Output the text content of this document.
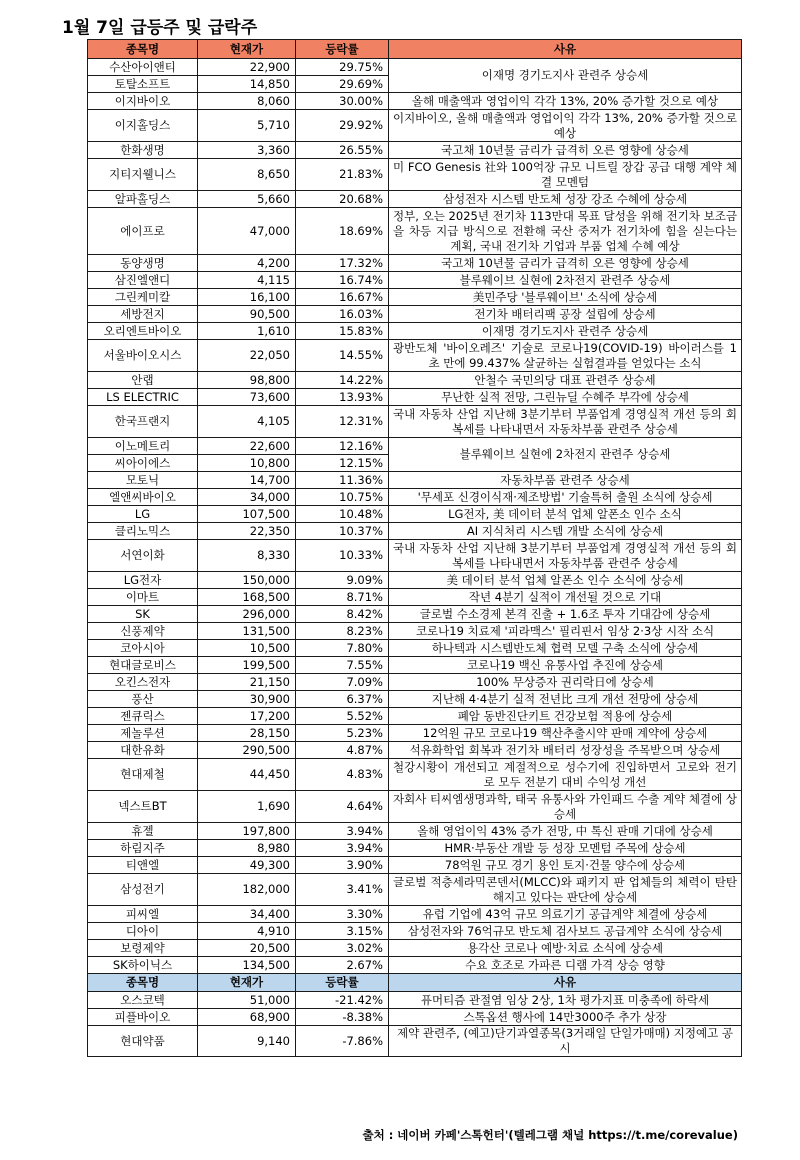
1월 7일 급등주 및 급락주
종목명	현재가	등락률	사유
수산아이앤티	22,900	29.75%	이재명 경기도지사 관련주 상승세
토탈소프트	14,850	29.69%	
이지바이오	8,060	30.00%	올해 매출액과 영업이익 각각 13%, 20% 증가할 것으로 예상
이지홀딩스	5,710	29.92%	이지바이오, 올해 매출액과 영업이익 각각 13%, 20% 증가할 것으로 예상
한화생명	3,360	26.55%	국고채 10년물 금리가 급격히 오른 영향에 상승세
지티지웰니스	8,650	21.83%	미 FCO Genesis 社와 100억장 규모 니트릴 장갑 공급 대행 계약 체결 모멘텀
알파홀딩스	5,660	20.68%	삼성전자 시스템 반도체 성장 강조 수혜에 상승세
에이프로	47,000	18.69%	정부, 오는 2025년 전기차 113만대 목표 달성을 위해 전기차 보조금을 차등 지급 방식으로 전환해 국산 중저가 전기차에 힘을 싣는다는 계획, 국내 전기차 기업과 부품 업체 수혜 예상
동양생명	4,200	17.32%	국고채 10년물 금리가 급격히 오른 영향에 상승세
삼진엘앤디	4,115	16.74%	블루웨이브 실현에 2차전지 관련주 상승세
그린케미칼	16,100	16.67%	美민주당 '블루웨이브' 소식에 상승세
세방전지	90,500	16.03%	전기차 배터리팩 공장 설립에 상승세
오리엔트바이오	1,610	15.83%	이재명 경기도지사 관련주 상승세
서울바이오시스	22,050	14.55%	광반도체 '바이오레즈' 기술로 코로나19(COVID-19) 바이러스를 1초 만에 99.437% 살균하는 실험결과를 얻었다는 소식
안랩	98,800	14.22%	안철수 국민의당 대표 관련주 상승세
LS ELECTRIC	73,600	13.93%	무난한 실적 전망, 그린뉴딜 수혜주 부각에 상승세
한국프랜지	4,105	12.31%	국내 자동차 산업 지난해 3분기부터 부품업계 경영실적 개선 등의 회복세를 나타내면서 자동차부품 관련주 상승세
이노메트리	22,600	12.16%	블루웨이브 실현에 2차전지 관련주 상승세
씨아이에스	10,800	12.15%	
모토닉	14,700	11.36%	자동차부품 관련주 상승세
엘앤씨바이오	34,000	10.75%	'무세포 신경이식재·제조방법' 기술특허 출원 소식에 상승세
LG	107,500	10.48%	LG전자, 美 데이터 분석 업체 알폰소 인수 소식
클리노믹스	22,350	10.37%	AI 지식처리 시스템 개발 소식에 상승세
서연이화	8,330	10.33%	국내 자동차 산업 지난해 3분기부터 부품업계 경영실적 개선 등의 회복세를 나타내면서 자동차부품 관련주 상승세
LG전자	150,000	9.09%	美 데이터 분석 업체 알폰소 인수 소식에 상승세
이마트	168,500	8.71%	작년 4분기 실적이 개선될 것으로 기대
SK	296,000	8.42%	글로벌 수소경제 본격 진출 + 1.6조 투자 기대감에 상승세
신풍제약	131,500	8.23%	코로나19 치료제 '피라맥스' 필리핀서 임상 2·3상 시작 소식
코아시아	10,500	7.80%	하나텍과 시스템반도체 협력 모델 구축 소식에 상승세
현대글로비스	199,500	7.55%	코로나19 백신 유통사업 추진에 상승세
오킨스전자	21,150	7.09%	100% 무상증자 권리락日에 상승세
풍산	30,900	6.37%	지난해 4·4분기 실적 전년比 크게 개선 전망에 상승세
젠큐릭스	17,200	5.52%	폐암 동반진단키트 건강보험 적용에 상승세
제놀루션	28,150	5.23%	12억원 규모 코로나19 핵산추출시약 판매 계약에 상승세
대한유화	290,500	4.87%	석유화학업 회복과 전기차 배터리 성장성을 주목받으며 상승세
현대제철	44,450	4.83%	철강시황이 개선되고 계절적으로 성수기에 진입하면서 고로와 전기로 모두 전분기 대비 수익성 개선
넥스트BT	1,690	4.64%	자회사 티씨엠생명과학, 태국 유통사와 가인패드 수출 계약 체결에 상승세
휴젤	197,800	3.94%	올해 영업이익 43% 증가 전망, 中 톡신 판매 기대에 상승세
하림지주	8,980	3.94%	HMR·부동산 개발 등 성장 모멘텀 주목에 상승세
티앤엘	49,300	3.90%	78억원 규모 경기 용인 토지·건물 양수에 상승세
삼성전기	182,000	3.41%	글로벌 적층세라믹콘덴서(MLCC)와 패키지 판 업체들의 체력이 탄탄해지고 있다는 판단에 상승세
피씨엘	34,400	3.30%	유럽 기업에 43억 규모 의료기기 공급계약 체결에 상승세
디아이	4,910	3.15%	삼성전자와 76억규모 반도체 검사보드 공급계약 소식에 상승세
보령제약	20,500	3.02%	용각산 코로나 예방·치료 소식에 상승세
SK하이닉스	134,500	2.67%	수요 호조로 가파른 디램 가격 상승 영향
종목명	현재가	등락률	사유
오스코텍	51,000	-21.42%	퓨머티즘 관절염 임상 2상, 1차 평가지표 미충족에 하락세
피플바이오	68,900	-8.38%	스톡옵션 행사에 14만3000주 추가 상장
현대약품	9,140	-7.86%	제약 관련주, (예고)단기과열종목(3거래일 단일가매매) 지정예고 공시
출처 : 네이버 카페'스톡헌터'(텔레그램 채널 https://t.me/corevalue)
